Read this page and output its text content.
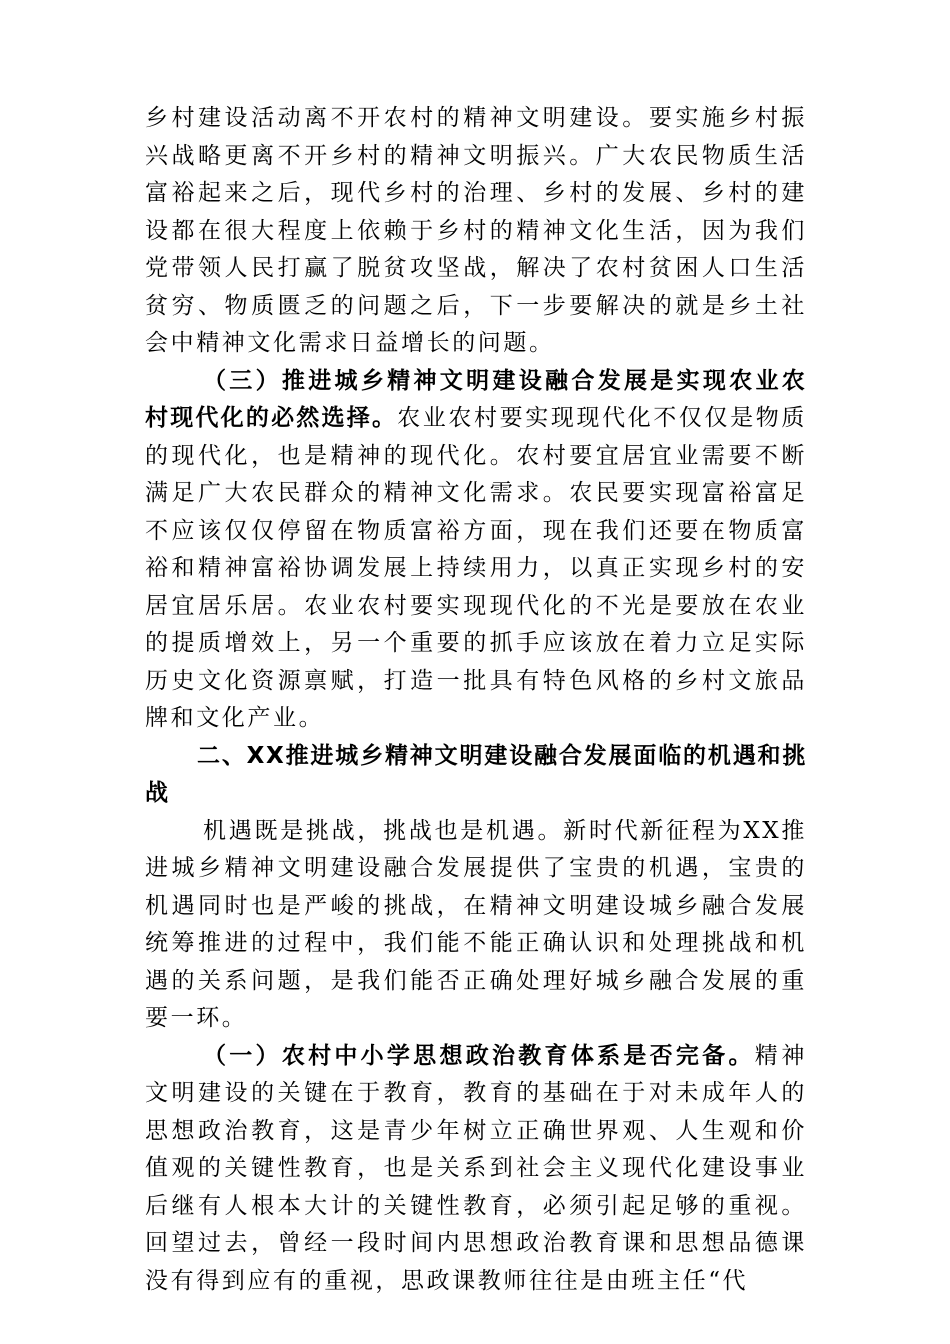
乡村建设活动离不开农村的精神文明建设。要实施乡村振兴战略更离不开乡村的精神文明振兴。广大农民物质生活富裕起来之后，现代乡村的治理、乡村的发展、乡村的建设都在很大程度上依赖于乡村的精神文化生活，因为我们党带领人民打赢了脱贫攻坚战，解决了农村贫困人口生活贫穷、物质匮乏的问题之后，下一步要解决的就是乡土社会中精神文化需求日益增长的问题。

（三）推进城乡精神文明建设融合发展是实现农业农村现代化的必然选择。农业农村要实现现代化不仅仅是物质的现代化，也是精神的现代化。农村要宜居宜业需要不断满足广大农民群众的精神文化需求。农民要实现富裕富足不应该仅仅停留在物质富裕方面，现在我们还要在物质富裕和精神富裕协调发展上持续用力，以真正实现乡村的安居宜居乐居。农业农村要实现现代化的不光是要放在农业的提质增效上，另一个重要的抓手应该放在着力立足实际历史文化资源禀赋，打造一批具有特色风格的乡村文旅品牌和文化产业。

二、XX推进城乡精神文明建设融合发展面临的机遇和挑战

机遇既是挑战，挑战也是机遇。新时代新征程为XX推进城乡精神文明建设融合发展提供了宝贵的机遇，宝贵的机遇同时也是严峻的挑战，在精神文明建设城乡融合发展统筹推进的过程中，我们能不能正确认识和处理挑战和机遇的关系问题，是我们能否正确处理好城乡融合发展的重要一环。

（一）农村中小学思想政治教育体系是否完备。精神文明建设的关键在于教育，教育的基础在于对未成年人的思想政治教育，这是青少年树立正确世界观、人生观和价值观的关键性教育，也是关系到社会主义现代化建设事业后继有人根本大计的关键性教育，必须引起足够的重视。回望过去，曾经一段时间内思想政治教育课和思想品德课没有得到应有的重视，思政课教师往往是由班主任“代
